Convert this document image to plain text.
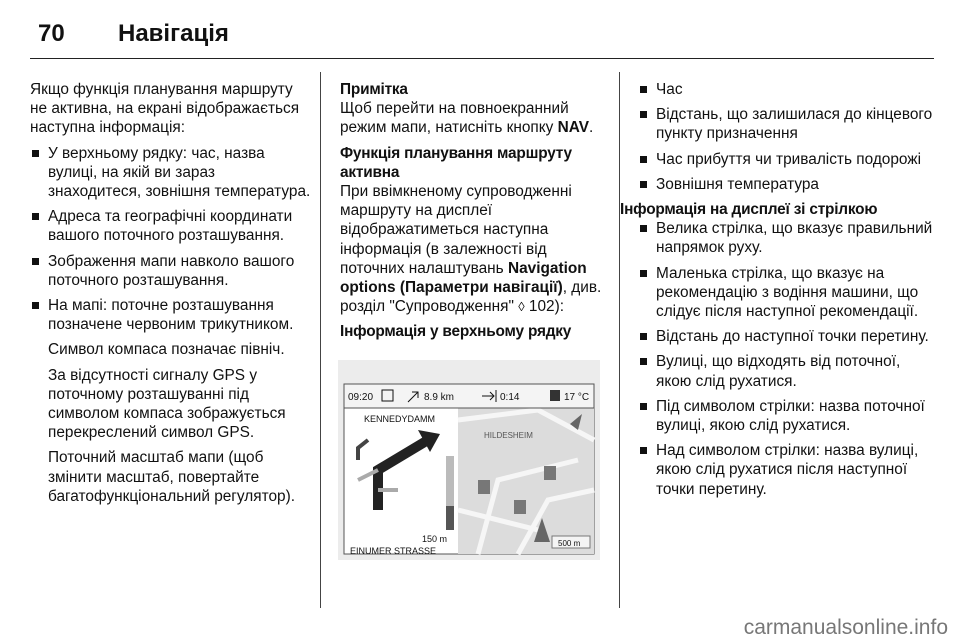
70 Навігація

Якщо функція планування маршруту не активна, на екрані відображається наступна інформація:

У верхньому рядку: час, назва вулиці, на якій ви зараз знаходитеся, зовнішня температура.
Адреса та географічні координати вашого поточного розташування.
Зображення мапи навколо вашого поточного розташування.
На мапі: поточне розташування позначене червоним трикутником.

Символ компаса позначає північ.

За відсутності сигналу GPS у поточному розташуванні під символом компаса зображується перекреслений символ GPS.

Поточний масштаб мапи (щоб змінити масштаб, повертайте багатофункціональний регулятор).

Примітка

Щоб перейти на повноекранний режим мапи, натисніть кнопку NAV.

Функція планування маршруту активна

При ввімкненому супроводженні маршруту на дисплеї відображатиметься наступна інформація (в залежності від поточних налаштувань Navigation options (Параметри навігації), див. розділ "Супроводження" ◊ 102):

Інформація у верхньому рядку
09:20	8.9 km	0:14	17 °C
KENNEDYDAMM
HILDESHEIM
150 m
EINUMER STRASSE
500 m
Час
Відстань, що залишилася до кінцевого пункту призначення
Час прибуття чи тривалість подорожі
Зовнішня температура
Інформація на дисплеї зі стрілкою
Велика стрілка, що вказує правильний напрямок руху.
Маленька стрілка, що вказує на рекомендацію з водіння машини, що слідує після наступної рекомендації.
Відстань до наступної точки перетину.
Вулиці, що відходять від поточної, якою слід рухатися.
Під символом стрілки: назва поточної вулиці, якою слід рухатися.
Над символом стрілки: назва вулиці, якою слід рухатися після наступної точки перетину.
carmanualsonline.info
